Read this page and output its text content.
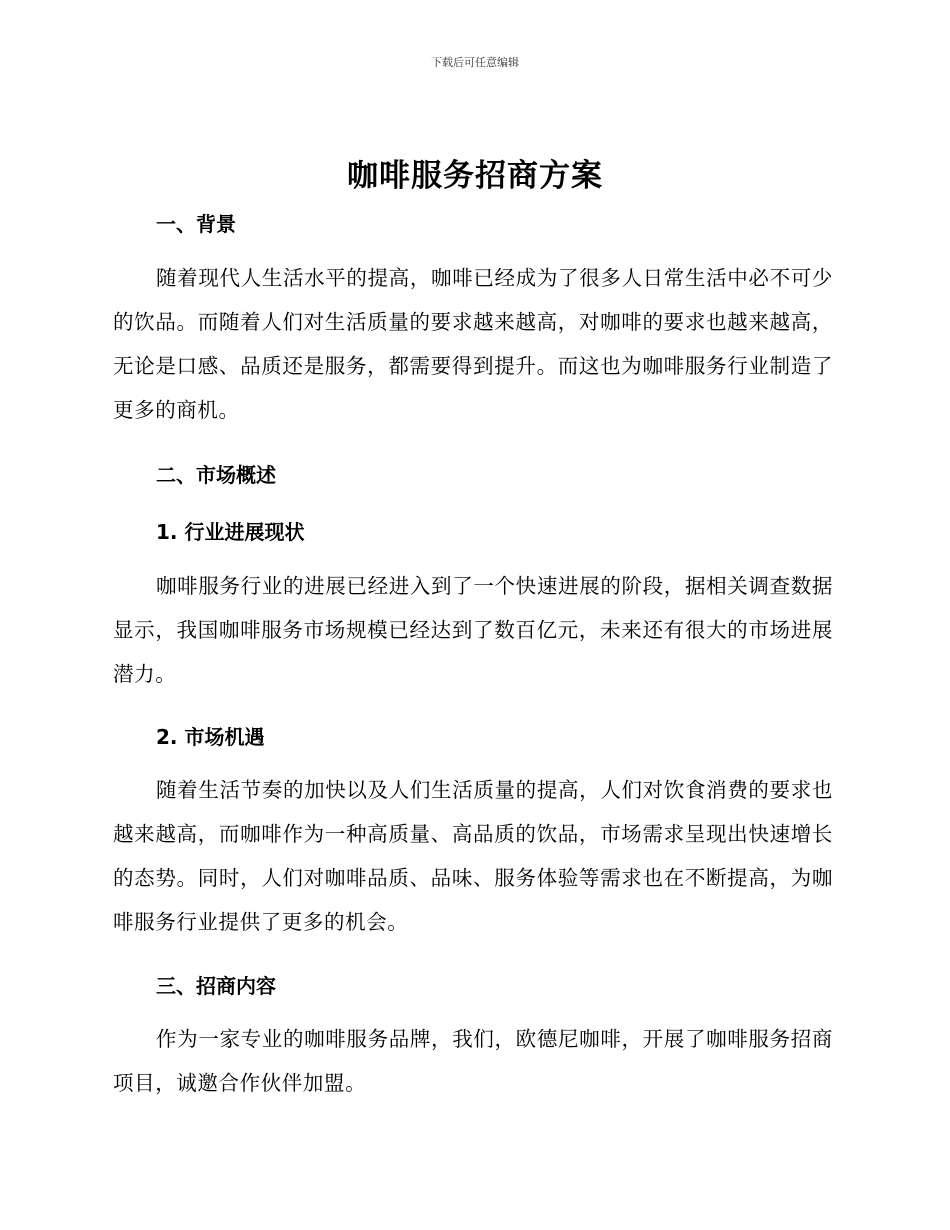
下载后可任意编辑
咖啡服务招商方案
一、背景
随着现代人生活水平的提高，咖啡已经成为了很多人日常生活中必不可少的饮品。而随着人们对生活质量的要求越来越高，对咖啡的要求也越来越高，无论是口感、品质还是服务，都需要得到提升。而这也为咖啡服务行业制造了更多的商机。
二、市场概述
1. 行业进展现状
咖啡服务行业的进展已经进入到了一个快速进展的阶段，据相关调查数据显示，我国咖啡服务市场规模已经达到了数百亿元，未来还有很大的市场进展潜力。
2. 市场机遇
随着生活节奏的加快以及人们生活质量的提高，人们对饮食消费的要求也越来越高，而咖啡作为一种高质量、高品质的饮品，市场需求呈现出快速增长的态势。同时，人们对咖啡品质、品味、服务体验等需求也在不断提高，为咖啡服务行业提供了更多的机会。
三、招商内容
作为一家专业的咖啡服务品牌，我们，欧德尼咖啡，开展了咖啡服务招商项目，诚邀合作伙伴加盟。
